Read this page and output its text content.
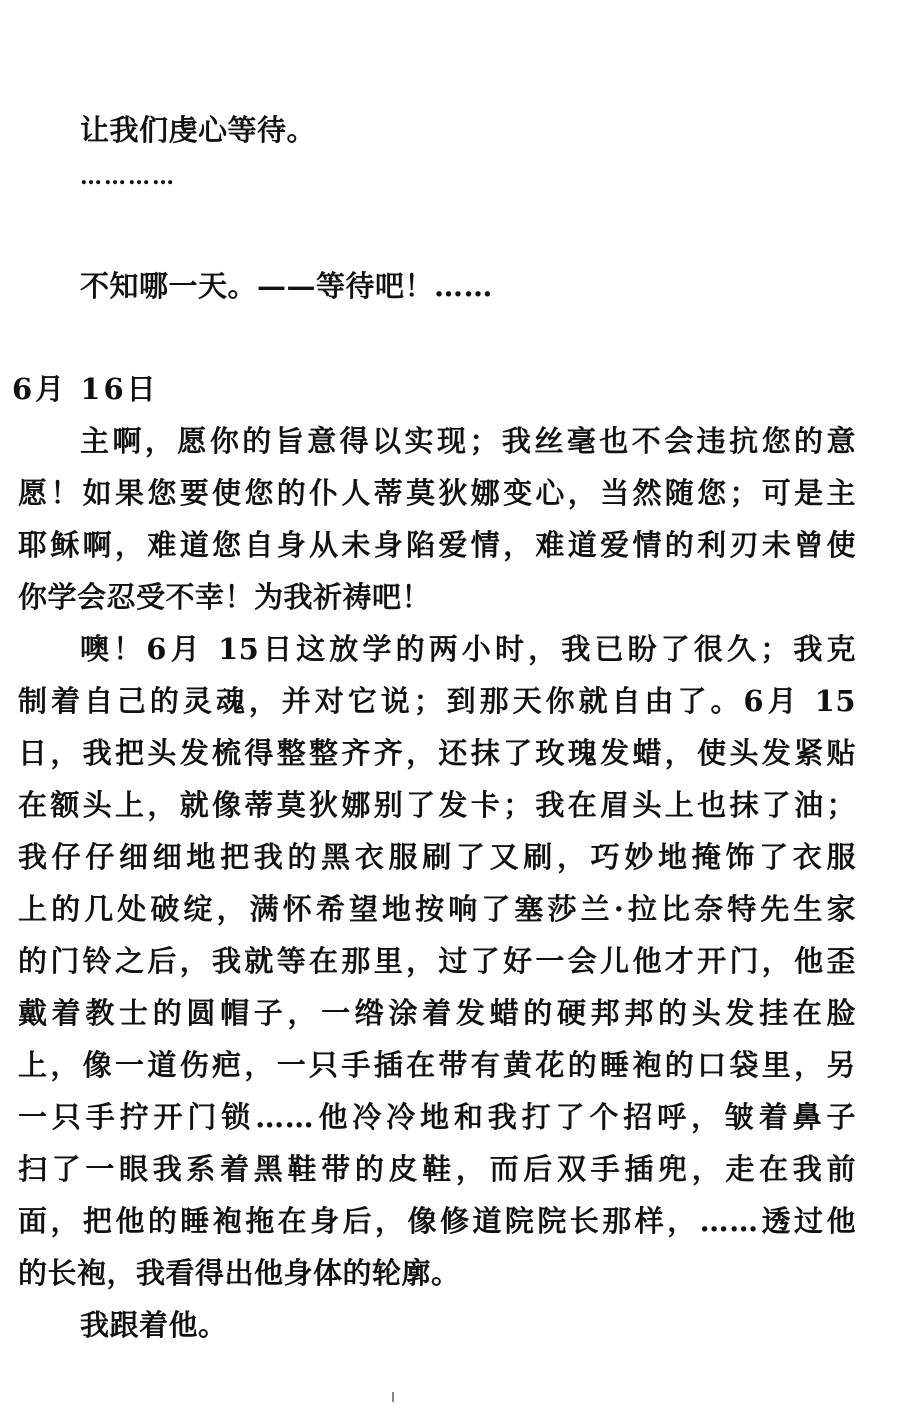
让我们虔心等待。
…………
不知哪一天。——等待吧！……
6月 16日
主啊，愿你的旨意得以实现；我丝毫也不会违抗您的意
愿！如果您要使您的仆人蒂莫狄娜变心，当然随您；可是主
耶稣啊，难道您自身从未身陷爱情，难道爱情的利刃未曾使
你学会忍受不幸！为我祈祷吧！
噢！6月 15日这放学的两小时，我已盼了很久；我克
制着自己的灵魂，并对它说；到那天你就自由了。6月 15
日，我把头发梳得整整齐齐，还抹了玫瑰发蜡，使头发紧贴
在额头上，就像蒂莫狄娜别了发卡；我在眉头上也抹了油；
我仔仔细细地把我的黑衣服刷了又刷，巧妙地掩饰了衣服
上的几处破绽，满怀希望地按响了塞莎兰·拉比奈特先生家
的门铃之后，我就等在那里，过了好一会儿他才开门，他歪
戴着教士的圆帽子，一绺涂着发蜡的硬邦邦的头发挂在脸
上，像一道伤疤，一只手插在带有黄花的睡袍的口袋里，另
一只手拧开门锁……他冷冷地和我打了个招呼，皱着鼻子
扫了一眼我系着黑鞋带的皮鞋，而后双手插兜，走在我前
面，把他的睡袍拖在身后，像修道院院长那样，……透过他
的长袍，我看得出他身体的轮廓。
我跟着他。
